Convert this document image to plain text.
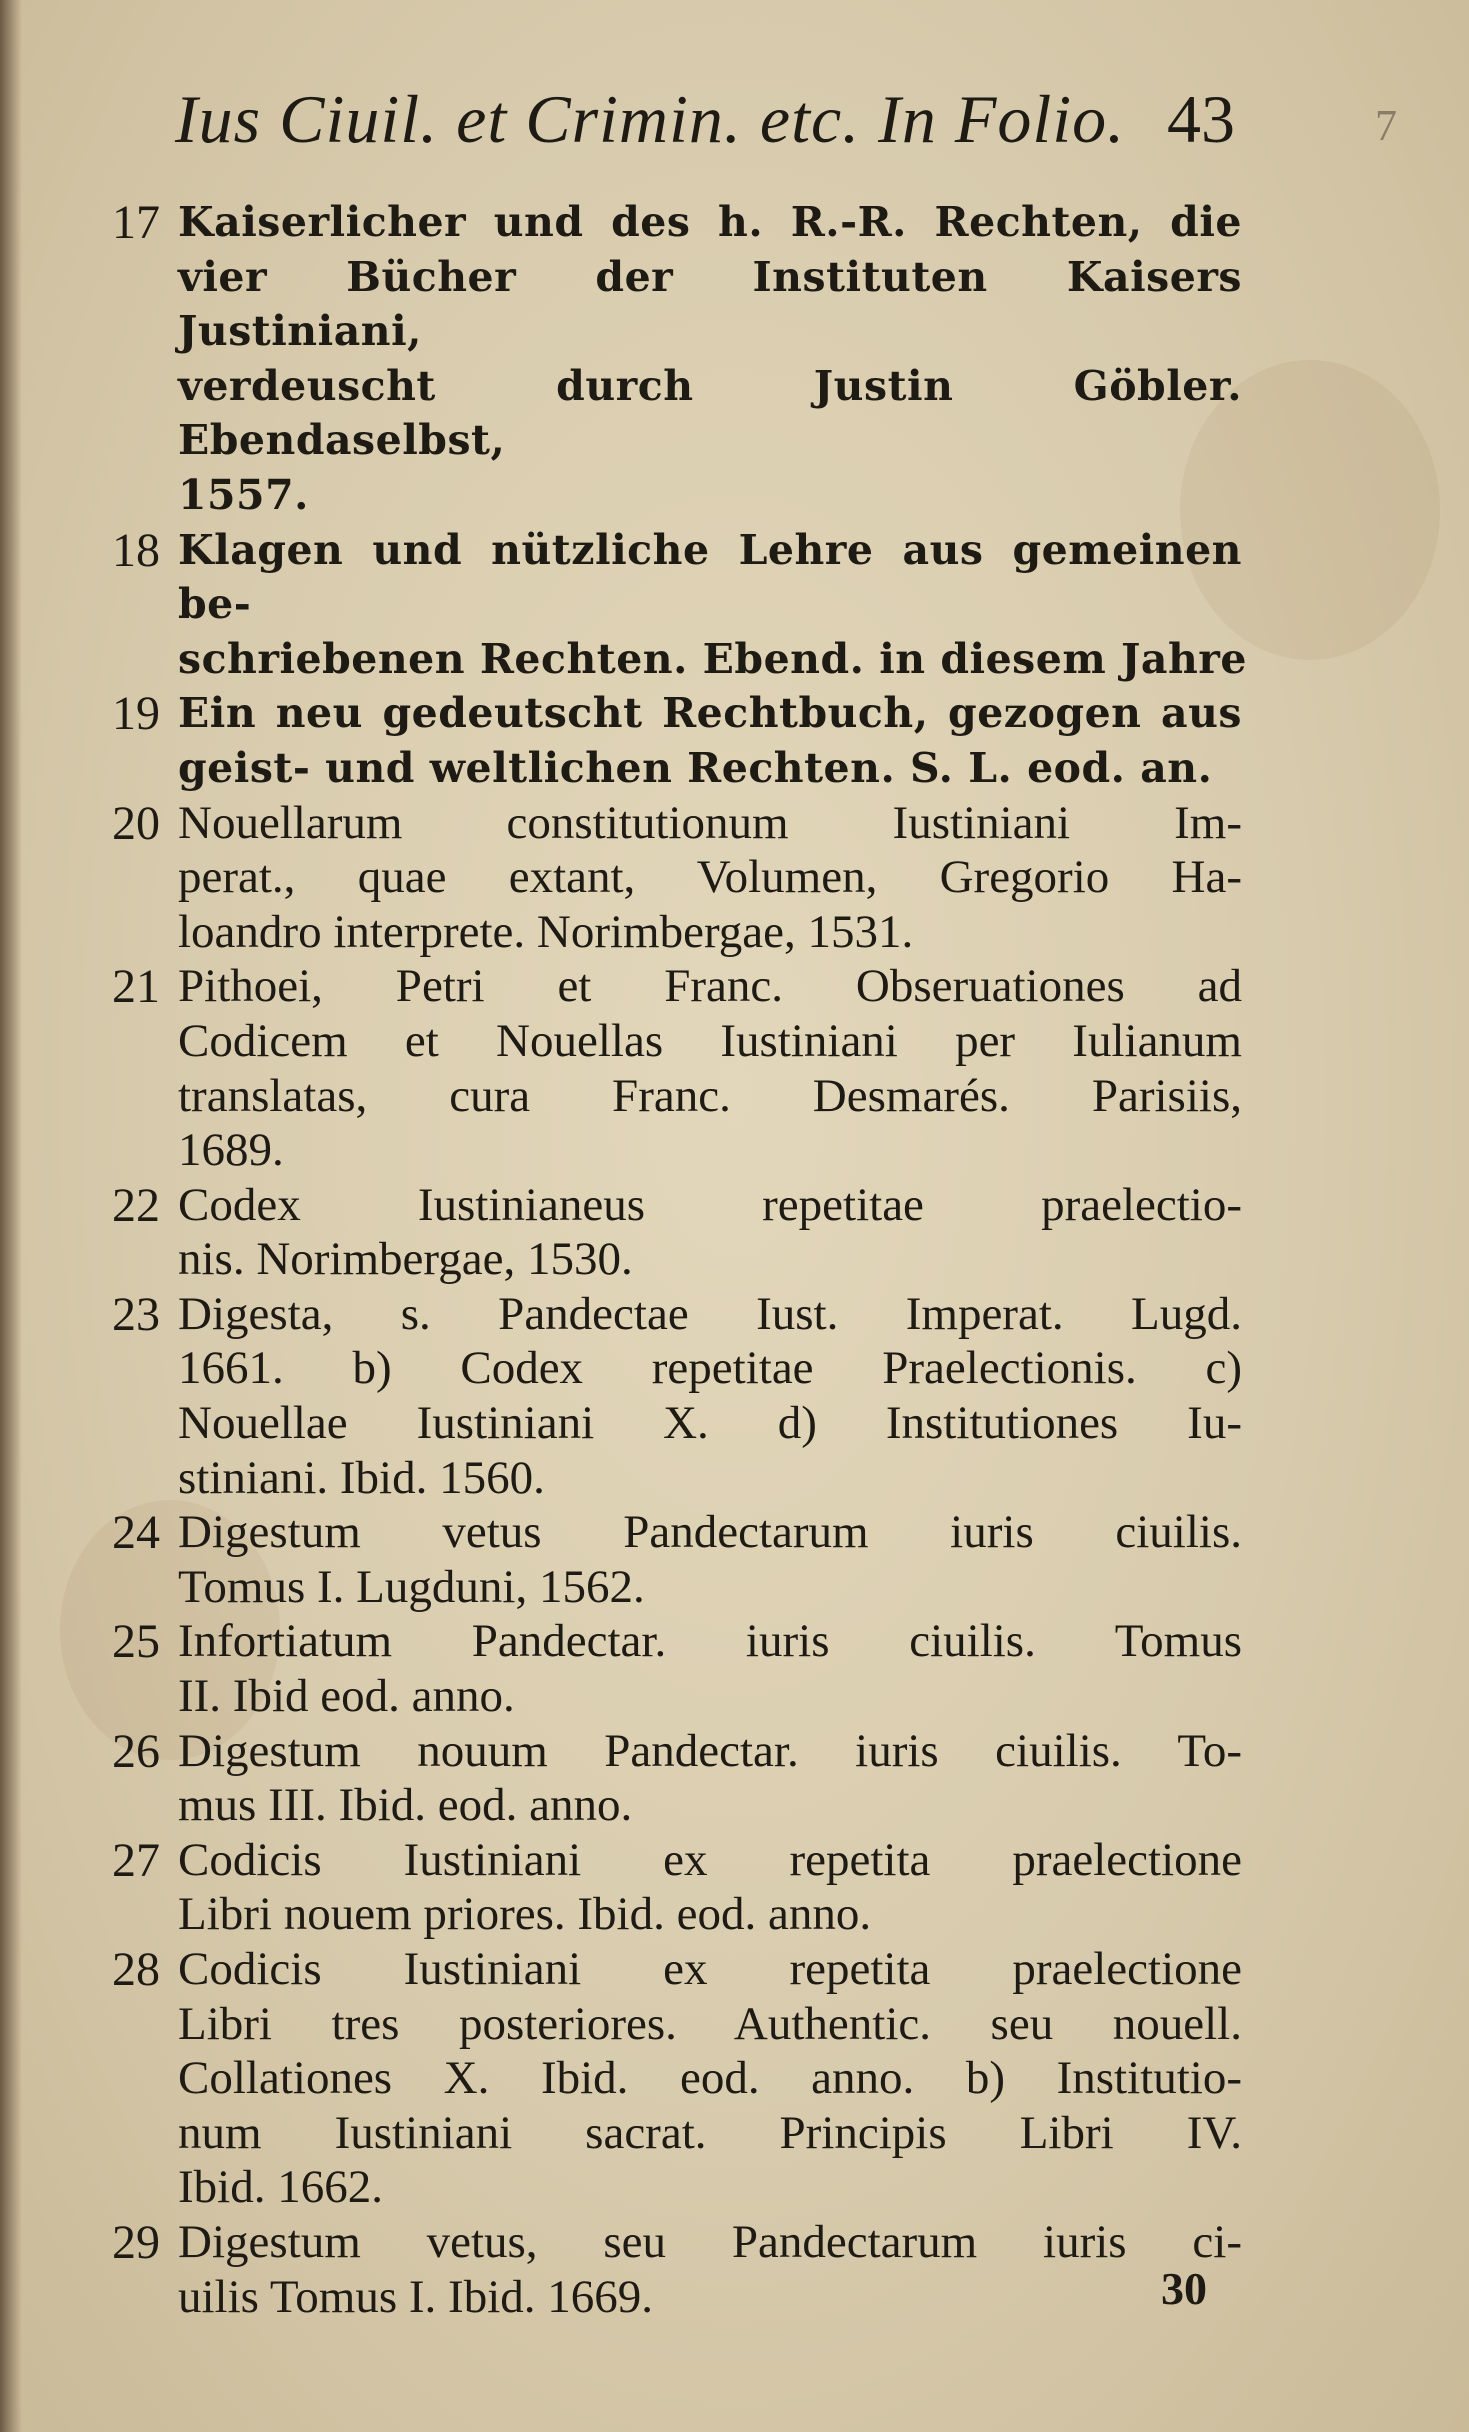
Ius Ciuil. et Crimin. etc. In Folio. 43	7
17 Kaiserlicher und des h. R.-R. Rechten, die
vier Bücher der Instituten Kaisers Justiniani,
verdeuscht durch Justin Göbler. Ebendaselbst,
1557.
18 Klagen und nützliche Lehre aus gemeinen be-
schriebenen Rechten. Ebend. in diesem Jahre
19 Ein neu gedeutscht Rechtbuch, gezogen aus
geist- und weltlichen Rechten. S. L. eod. an.
20 Nouellarum constitutionum Iustiniani Im-
perat., quae extant, Volumen, Gregorio Ha-
loandro interprete. Norimbergae, 1531.
21 Pithoei, Petri et Franc. Obseruationes ad
Codicem et Nouellas Iustiniani per Iulianum
translatas, cura Franc. Desmarés. Parisiis,
1689.
22 Codex Iustinianeus repetitae praelectio-
nis. Norimbergae, 1530.
23 Digesta, s. Pandectae Iust. Imperat. Lugd.
1661. b) Codex repetitae Praelectionis. c)
Nouellae Iustiniani X. d) Institutiones Iu-
stiniani. Ibid. 1560.
24 Digestum vetus Pandectarum iuris ciuilis.
Tomus I. Lugduni, 1562.
25 Infortiatum Pandectar. iuris ciuilis. Tomus
II. Ibid eod. anno.
26 Digestum nouum Pandectar. iuris ciuilis. To-
mus III. Ibid. eod. anno.
27 Codicis Iustiniani ex repetita praelectione
Libri nouem priores. Ibid. eod. anno.
28 Codicis Iustiniani ex repetita praelectione
Libri tres posteriores. Authentic. seu nouell.
Collationes X. Ibid. eod. anno. b) Institutio-
num Iustiniani sacrat. Principis Libri IV.
Ibid. 1662.
29 Digestum vetus, seu Pandectarum iuris ci-
uilis Tomus I. Ibid. 1669.	30
